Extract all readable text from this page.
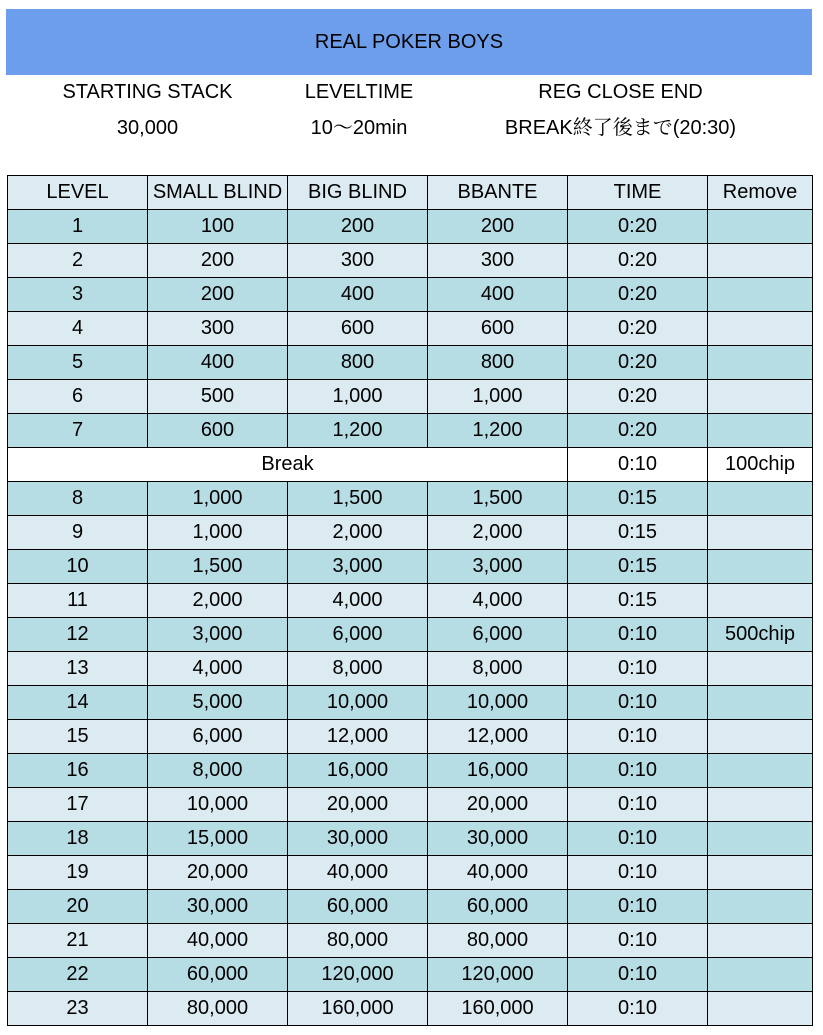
REAL POKER BOYS
STARTING STACK	LEVELTIME	REG CLOSE END
30,000	10〜20min	BREAK終了後まで(20:30)
LEVEL	SMALL BLIND	BIG BLIND	BBANTE	TIME	Remove
1	100	200	200	0:20	
2	200	300	300	0:20	
3	200	400	400	0:20	
4	300	600	600	0:20	
5	400	800	800	0:20	
6	500	1,000	1,000	0:20	
7	600	1,200	1,200	0:20	
Break				0:10	100chip
8	1,000	1,500	1,500	0:15	
9	1,000	2,000	2,000	0:15	
10	1,500	3,000	3,000	0:15	
11	2,000	4,000	4,000	0:15	
12	3,000	6,000	6,000	0:10	500chip
13	4,000	8,000	8,000	0:10	
14	5,000	10,000	10,000	0:10	
15	6,000	12,000	12,000	0:10	
16	8,000	16,000	16,000	0:10	
17	10,000	20,000	20,000	0:10	
18	15,000	30,000	30,000	0:10	
19	20,000	40,000	40,000	0:10	
20	30,000	60,000	60,000	0:10	
21	40,000	80,000	80,000	0:10	
22	60,000	120,000	120,000	0:10	
23	80,000	160,000	160,000	0:10	
